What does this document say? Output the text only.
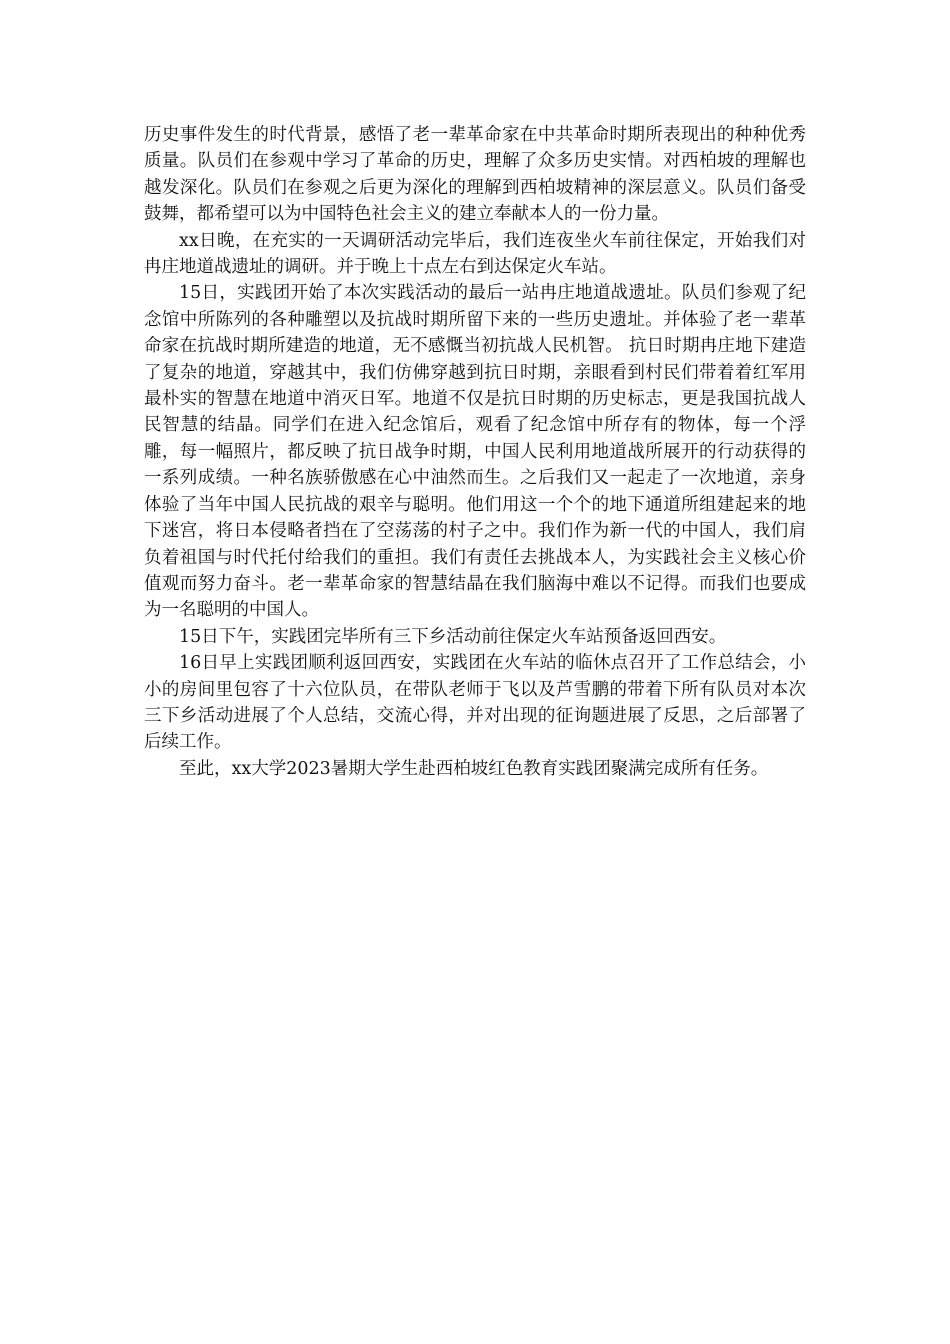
历史事件发生的时代背景，感悟了老一辈革命家在中共革命时期所表现出的种种优秀质量。队员们在参观中学习了革命的历史，理解了众多历史实情。对西柏坡的理解也越发深化。队员们在参观之后更为深化的理解到西柏坡精神的深层意义。队员们备受鼓舞，都希望可以为中国特色社会主义的建立奉献本人的一份力量。

xx日晚，在充实的一天调研活动完毕后，我们连夜坐火车前往保定，开始我们对冉庄地道战遗址的调研。并于晚上十点左右到达保定火车站。

15日，实践团开始了本次实践活动的最后一站冉庄地道战遗址。队员们参观了纪念馆中所陈列的各种雕塑以及抗战时期所留下来的一些历史遗址。并体验了老一辈革命家在抗战时期所建造的地道，无不感慨当初抗战人民机智。 抗日时期冉庄地下建造了复杂的地道，穿越其中，我们仿佛穿越到抗日时期，亲眼看到村民们带着着红军用最朴实的智慧在地道中消灭日军。地道不仅是抗日时期的历史标志，更是我国抗战人民智慧的结晶。同学们在进入纪念馆后，观看了纪念馆中所存有的物体，每一个浮雕，每一幅照片，都反映了抗日战争时期，中国人民利用地道战所展开的行动获得的一系列成绩。一种名族骄傲感在心中油然而生。之后我们又一起走了一次地道，亲身体验了当年中国人民抗战的艰辛与聪明。他们用这一个个的地下通道所组建起来的地下迷宫，将日本侵略者挡在了空荡荡的村子之中。我们作为新一代的中国人，我们肩负着祖国与时代托付给我们的重担。我们有责任去挑战本人，为实践社会主义核心价值观而努力奋斗。老一辈革命家的智慧结晶在我们脑海中难以不记得。而我们也要成为一名聪明的中国人。

15日下午，实践团完毕所有三下乡活动前往保定火车站预备返回西安。

16日早上实践团顺利返回西安，实践团在火车站的临休点召开了工作总结会，小小的房间里包容了十六位队员，在带队老师于飞以及芦雪鹏的带着下所有队员对本次三下乡活动进展了个人总结，交流心得，并对出现的征询题进展了反思，之后部署了后续工作。

至此，xx大学2023暑期大学生赴西柏坡红色教育实践团聚满完成所有任务。
